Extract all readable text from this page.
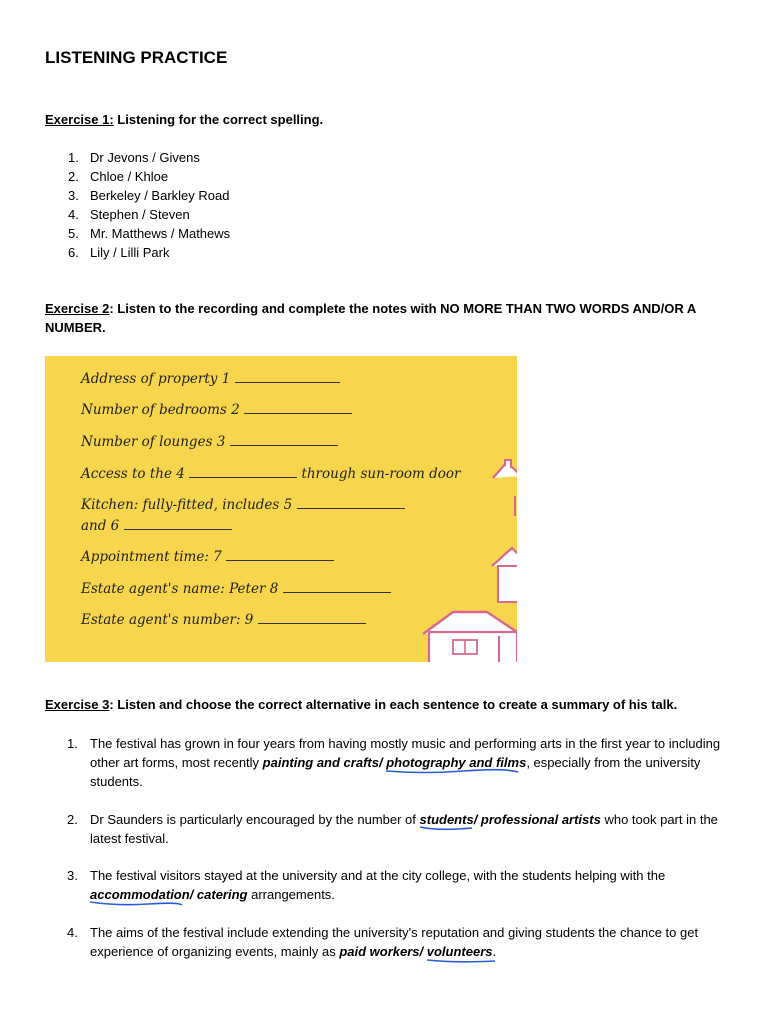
LISTENING PRACTICE
Exercise 1: Listening for the correct spelling.
1. Dr Jevons / Givens
2. Chloe / Khloe
3. Berkeley / Barkley Road
4. Stephen / Steven
5. Mr. Matthews / Mathews
6. Lily / Lilli Park
Exercise 2: Listen to the recording and complete the notes with NO MORE THAN TWO WORDS AND/OR A NUMBER.
Address of property 1
Number of bedrooms 2
Number of lounges 3
Access to the 4	through sun-room door
Kitchen: fully-fitted, includes 5
and 6
Appointment time: 7
Estate agent's name: Peter 8
Estate agent's number: 9
Exercise 3: Listen and choose the correct alternative in each sentence to create a summary of his talk.
1. The festival has grown in four years from having mostly music and performing arts in the first year to including other art forms, most recently painting and crafts/ photography and films
, especially from the university students.
2. Dr Saunders is particularly encouraged by the number of students
/ professional artists who took part in the latest festival.
3. The festival visitors stayed at the university and at the city college, with the students helping with the accommodation
/ catering arrangements.
4. The aims of the festival include extending the university's reputation and giving students the chance to get experience of organizing events, mainly as paid workers/ volunteers
.
